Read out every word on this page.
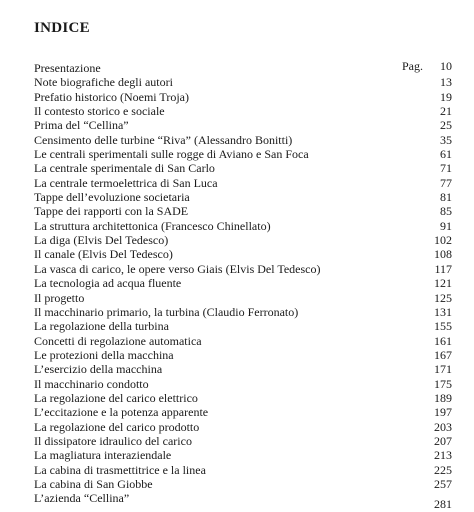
INDICE
Presentazione	Pag. 10
Note biografiche degli autori	13
Prefatio historico (Noemi Troja)	19
Il contesto storico e sociale	21
Prima del “Cellina”	25
Censimento delle turbine “Riva” (Alessandro Bonitti)	35
Le centrali sperimentali sulle rogge di Aviano e San Foca	61
La centrale sperimentale di San Carlo	71
La centrale termoelettrica di San Luca	77
Tappe dell’evoluzione societaria	81
Tappe dei rapporti con la SADE	85
La struttura architettonica (Francesco Chinellato)	91
La diga (Elvis Del Tedesco)	102
Il canale (Elvis Del Tedesco)	108
La vasca di carico, le opere verso Giais (Elvis Del Tedesco)	117
La tecnologia ad acqua fluente	121
Il progetto	125
Il macchinario primario, la turbina (Claudio Ferronato)	131
La regolazione della turbina	155
Concetti di regolazione automatica	161
Le protezioni della macchina	167
L’esercizio della macchina	171
Il macchinario condotto	175
La regolazione del carico elettrico	189
L’eccitazione e la potenza apparente	197
La regolazione del carico prodotto	203
Il dissipatore idraulico del carico	207
La magliatura interaziendale	213
La cabina di trasmettitrice e la linea	225
La cabina di San Giobbe	257
L’azienda “Cellina”	281
